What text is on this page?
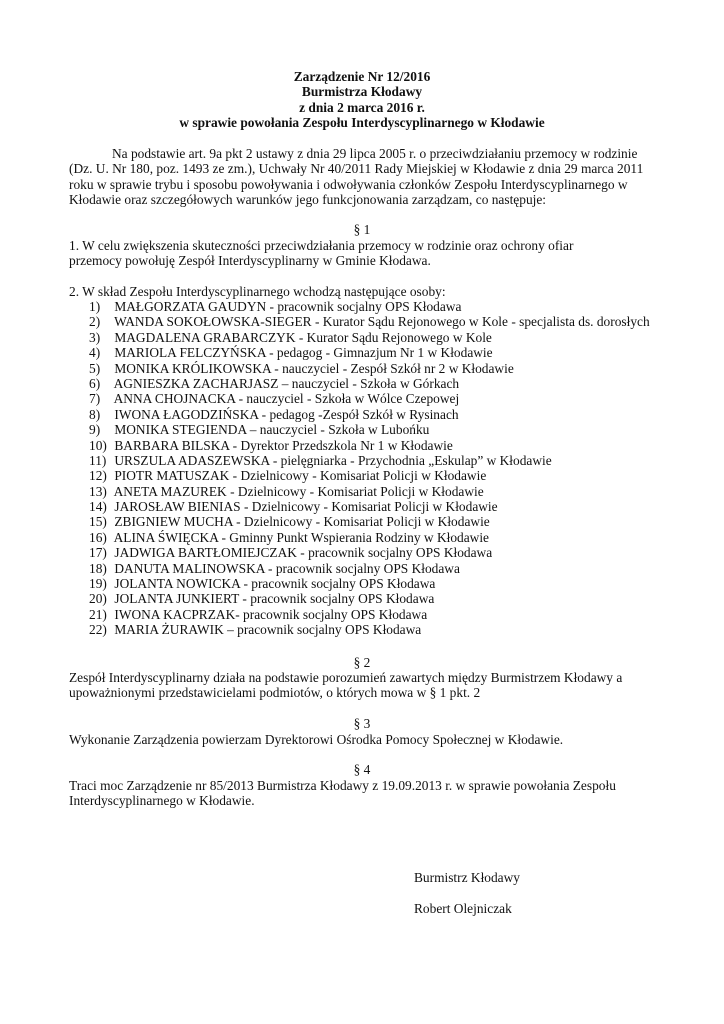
Zarządzenie Nr 12/2016
Burmistrza Kłodawy
z dnia 2 marca 2016 r.
w sprawie powołania Zespołu Interdyscyplinarnego w Kłodawie
Na podstawie art. 9a pkt 2 ustawy z dnia 29 lipca 2005 r. o przeciwdziałaniu przemocy w rodzinie
(Dz. U. Nr 180, poz. 1493 ze zm.), Uchwały Nr 40/2011 Rady Miejskiej w Kłodawie z dnia 29 marca 2011
roku w sprawie trybu i sposobu powoływania i odwoływania członków Zespołu Interdyscyplinarnego w
Kłodawie oraz szczegółowych warunków jego funkcjonowania zarządzam, co następuje:
§ 1
1. W celu zwiększenia skuteczności przeciwdziałania przemocy w rodzinie oraz ochrony ofiar
przemocy powołuję Zespół Interdyscyplinarny w Gminie Kłodawa.
2. W skład Zespołu Interdyscyplinarnego wchodzą następujące osoby:
1) MAŁGORZATA GAUDYN - pracownik socjalny OPS Kłodawa
2) WANDA SOKOŁOWSKA-SIEGER - Kurator Sądu Rejonowego w Kole - specjalista ds. dorosłych
3) MAGDALENA GRABARCZYK - Kurator Sądu Rejonowego w Kole
4) MARIOLA FELCZYŃSKA - pedagog - Gimnazjum Nr 1 w Kłodawie
5) MONIKA KRÓLIKOWSKA - nauczyciel - Zespół Szkół nr 2 w Kłodawie
6) AGNIESZKA ZACHARJASZ – nauczyciel - Szkoła w Górkach
7) ANNA CHOJNACKA - nauczyciel - Szkoła w Wólce Czepowej
8) IWONA ŁAGODZIŃSKA - pedagog -Zespół Szkół w Rysinach
9) MONIKA STEGIENDA – nauczyciel - Szkoła w Lubońku
10) BARBARA BILSKA - Dyrektor Przedszkola Nr 1 w Kłodawie
11) URSZULA ADASZEWSKA - pielęgniarka - Przychodnia „Eskulap” w Kłodawie
12) PIOTR MATUSZAK - Dzielnicowy - Komisariat Policji w Kłodawie
13) ANETA MAZUREK - Dzielnicowy - Komisariat Policji w Kłodawie
14) JAROSŁAW BIENIAS - Dzielnicowy - Komisariat Policji w Kłodawie
15) ZBIGNIEW MUCHA - Dzielnicowy - Komisariat Policji w Kłodawie
16) ALINA ŚWIĘCKA - Gminny Punkt Wspierania Rodziny w Kłodawie
17) JADWIGA BARTŁOMIEJCZAK - pracownik socjalny OPS Kłodawa
18) DANUTA MALINOWSKA - pracownik socjalny OPS Kłodawa
19) JOLANTA NOWICKA - pracownik socjalny OPS Kłodawa
20) JOLANTA JUNKIERT - pracownik socjalny OPS Kłodawa
21) IWONA KACPRZAK- pracownik socjalny OPS Kłodawa
22) MARIA ŻURAWIK – pracownik socjalny OPS Kłodawa
§ 2
Zespół Interdyscyplinarny działa na podstawie porozumień zawartych między Burmistrzem Kłodawy a
upoważnionymi przedstawicielami podmiotów, o których mowa w § 1 pkt. 2
§ 3
Wykonanie Zarządzenia powierzam Dyrektorowi Ośrodka Pomocy Społecznej w Kłodawie.
§ 4
Traci moc Zarządzenie nr 85/2013 Burmistrza Kłodawy z 19.09.2013 r. w sprawie powołania Zespołu
Interdyscyplinarnego w Kłodawie.
Burmistrz Kłodawy
Robert Olejniczak
